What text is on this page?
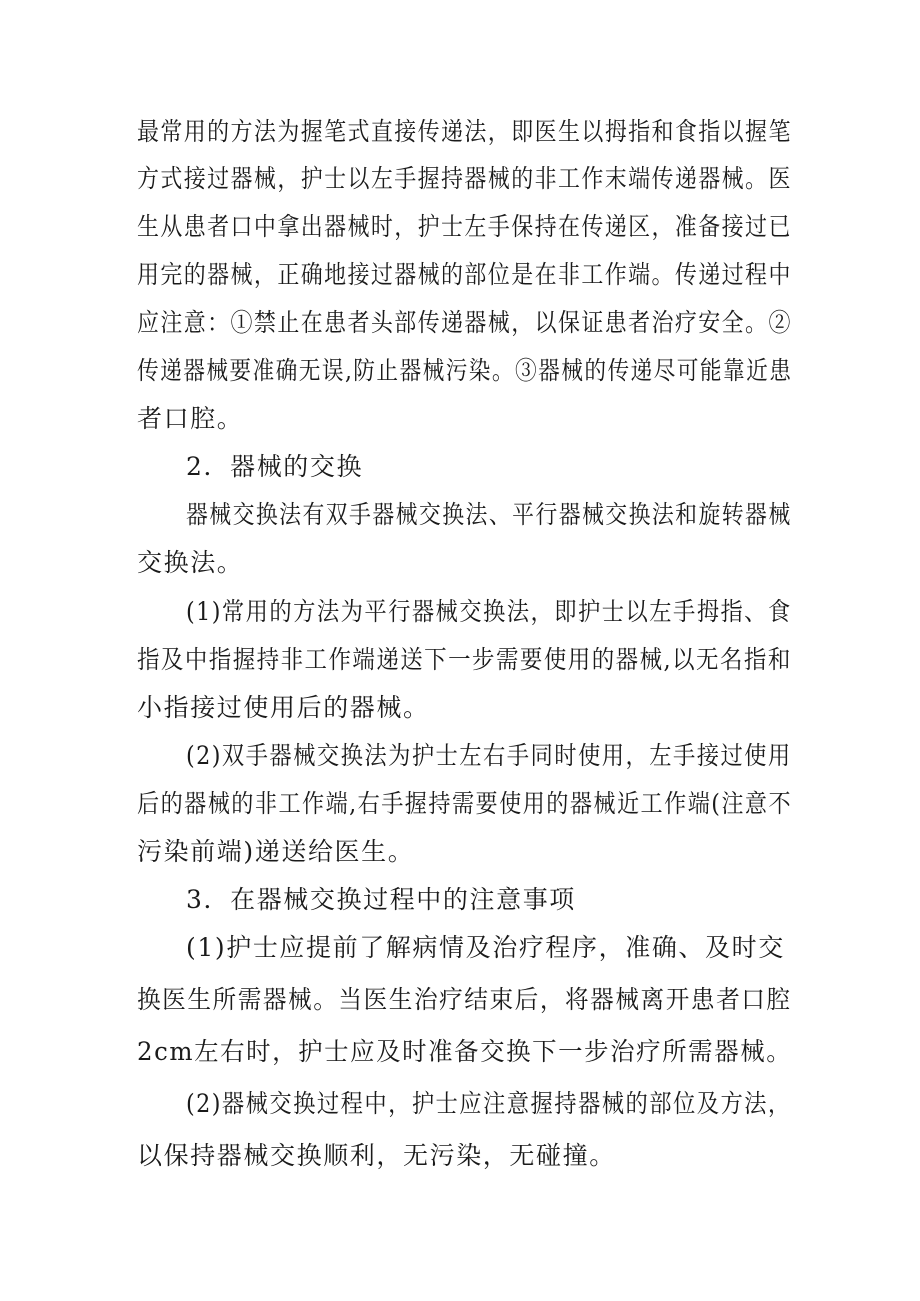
最常用的方法为握笔式直接传递法，即医生以拇指和食指以握笔
方式接过器械，护士以左手握持器械的非工作末端传递器械。医
生从患者口中拿出器械时，护士左手保持在传递区，准备接过已
用完的器械，正确地接过器械的部位是在非工作端。传递过程中
应注意：①禁止在患者头部传递器械，以保证患者治疗安全。②
传递器械要准确无误,防止器械污染。③器械的传递尽可能靠近患
者口腔。
2．器械的交换
器械交换法有双手器械交换法、平行器械交换法和旋转器械
交换法。
(1)常用的方法为平行器械交换法，即护士以左手拇指、食
指及中指握持非工作端递送下一步需要使用的器械,以无名指和
小指接过使用后的器械。
(2)双手器械交换法为护士左右手同时使用，左手接过使用
后的器械的非工作端,右手握持需要使用的器械近工作端(注意不
污染前端)递送给医生。
3．在器械交换过程中的注意事项
(1)护士应提前了解病情及治疗程序，准确、及时交
换医生所需器械。当医生治疗结束后，将器械离开患者口腔
2cm左右时，护士应及时准备交换下一步治疗所需器械。
(2)器械交换过程中，护士应注意握持器械的部位及方法，
以保持器械交换顺利，无污染，无碰撞。
